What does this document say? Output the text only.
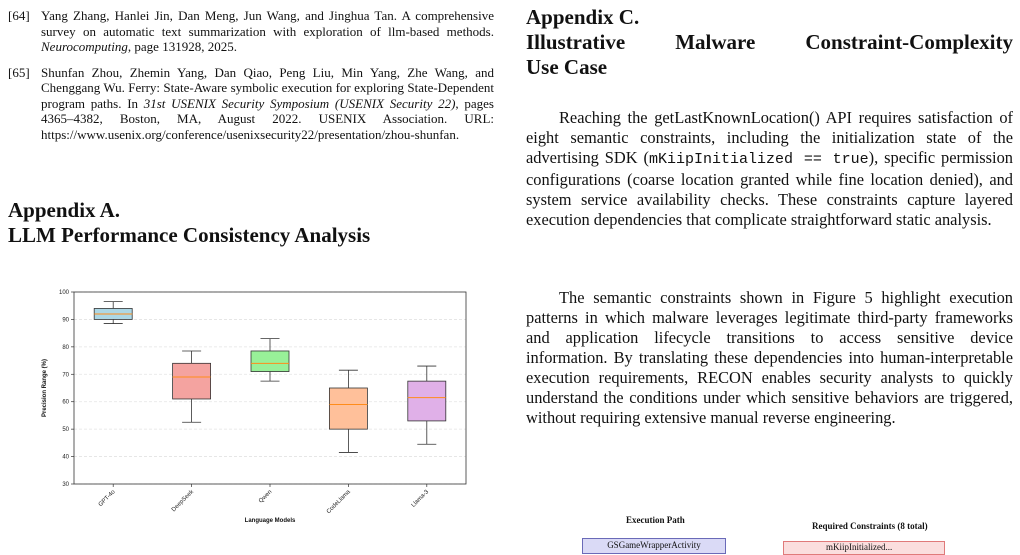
[64] Yang Zhang, Hanlei Jin, Dan Meng, Jun Wang, and Jinghua Tan. A comprehensive survey on automatic text summarization with exploration of llm-based methods. Neurocomputing, page 131928, 2025.
[65] Shunfan Zhou, Zhemin Yang, Dan Qiao, Peng Liu, Min Yang, Zhe Wang, and Chenggang Wu. Ferry: State-Aware symbolic execution for exploring State-Dependent program paths. In 31st USENIX Security Symposium (USENIX Security 22), pages 4365–4382, Boston, MA, August 2022. USENIX Association. URL: https://www.usenix.org/conference/usenixsecurity22/presentation/zhou-shunfan.
Appendix A.
LLM Performance Consistency Analysis
30
40
50
60
70
80
90
100
GPT-4o	DeepSeek	Qwen	CodeLlama	Llama-3
Language Models
Precision Range (%)
Appendix C.
Illustrative Malware Constraint-Complexity
Use Case

Reaching the getLastKnownLocation() API requires satisfaction of eight semantic constraints, including the initialization state of the advertising SDK (mKiipInitialized == true), specific permission configurations (coarse location granted while fine location denied), and system service availability checks. These constraints capture layered execution dependencies that complicate straightforward static analysis.

The semantic constraints shown in Figure 5 highlight execution patterns in which malware leverages legitimate third-party frameworks and application lifecycle transitions to access sensitive device information. By translating these dependencies into human-interpretable execution requirements, RECON enables security analysts to quickly understand the conditions under which sensitive behaviors are triggered, without requiring extensive manual reverse engineering.

Execution Path
Required Constraints (8 total)
GSGameWrapperActivity	mKiipInitialized...
